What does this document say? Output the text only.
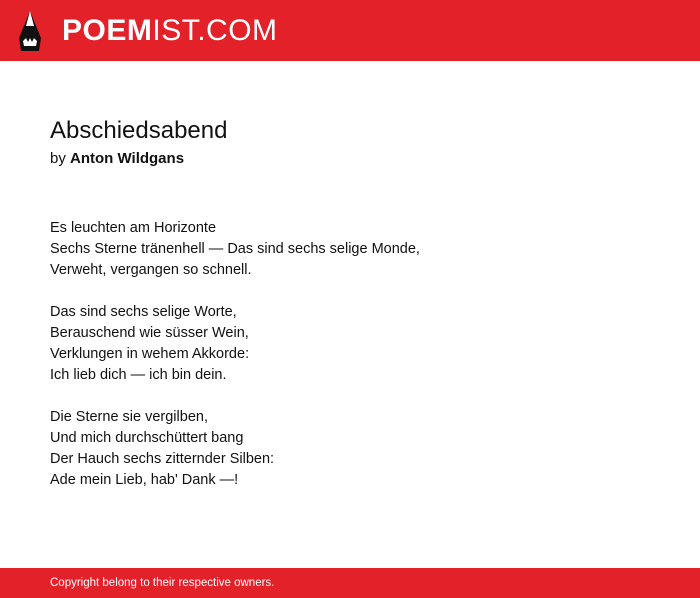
POEMIST.COM
Abschiedsabend
by Anton Wildgans
Es leuchten am Horizonte
Sechs Sterne tränenhell — Das sind sechs selige Monde,
Verweht, vergangen so schnell.
Das sind sechs selige Worte,
Berauschend wie süsser Wein,
Verklungen in wehem Akkorde:
Ich lieb dich — ich bin dein.
Die Sterne sie vergilben,
Und mich durchschüttert bang
Der Hauch sechs zitternder Silben:
Ade mein Lieb, hab' Dank —!
Copyright belong to their respective owners.
